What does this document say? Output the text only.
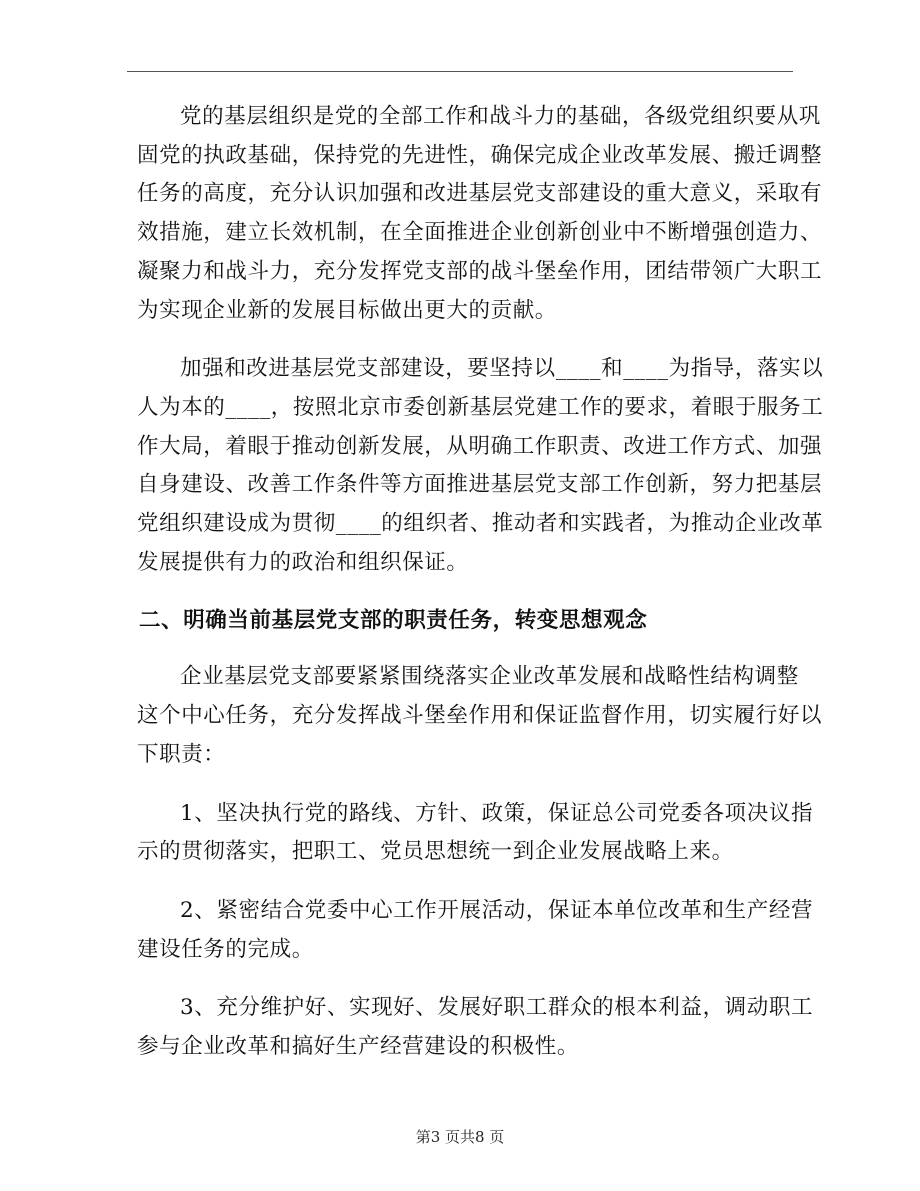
党的基层组织是党的全部工作和战斗力的基础，各级党组织要从巩
固党的执政基础，保持党的先进性，确保完成企业改革发展、搬迁调整
任务的高度，充分认识加强和改进基层党支部建设的重大意义，采取有
效措施，建立长效机制，在全面推进企业创新创业中不断增强创造力、
凝聚力和战斗力，充分发挥党支部的战斗堡垒作用，团结带领广大职工
为实现企业新的发展目标做出更大的贡献。

加强和改进基层党支部建设，要坚持以____和____为指导，落实以
人为本的____，按照北京市委创新基层党建工作的要求，着眼于服务工
作大局，着眼于推动创新发展，从明确工作职责、改进工作方式、加强
自身建设、改善工作条件等方面推进基层党支部工作创新，努力把基层
党组织建设成为贯彻____的组织者、推动者和实践者，为推动企业改革
发展提供有力的政治和组织保证。

二、明确当前基层党支部的职责任务，转变思想观念

企业基层党支部要紧紧围绕落实企业改革发展和战略性结构调整
这个中心任务，充分发挥战斗堡垒作用和保证监督作用，切实履行好以
下职责：

1、坚决执行党的路线、方针、政策，保证总公司党委各项决议指
示的贯彻落实，把职工、党员思想统一到企业发展战略上来。

2、紧密结合党委中心工作开展活动，保证本单位改革和生产经营
建设任务的完成。

3、充分维护好、实现好、发展好职工群众的根本利益，调动职工
参与企业改革和搞好生产经营建设的积极性。

第3 页共8 页
